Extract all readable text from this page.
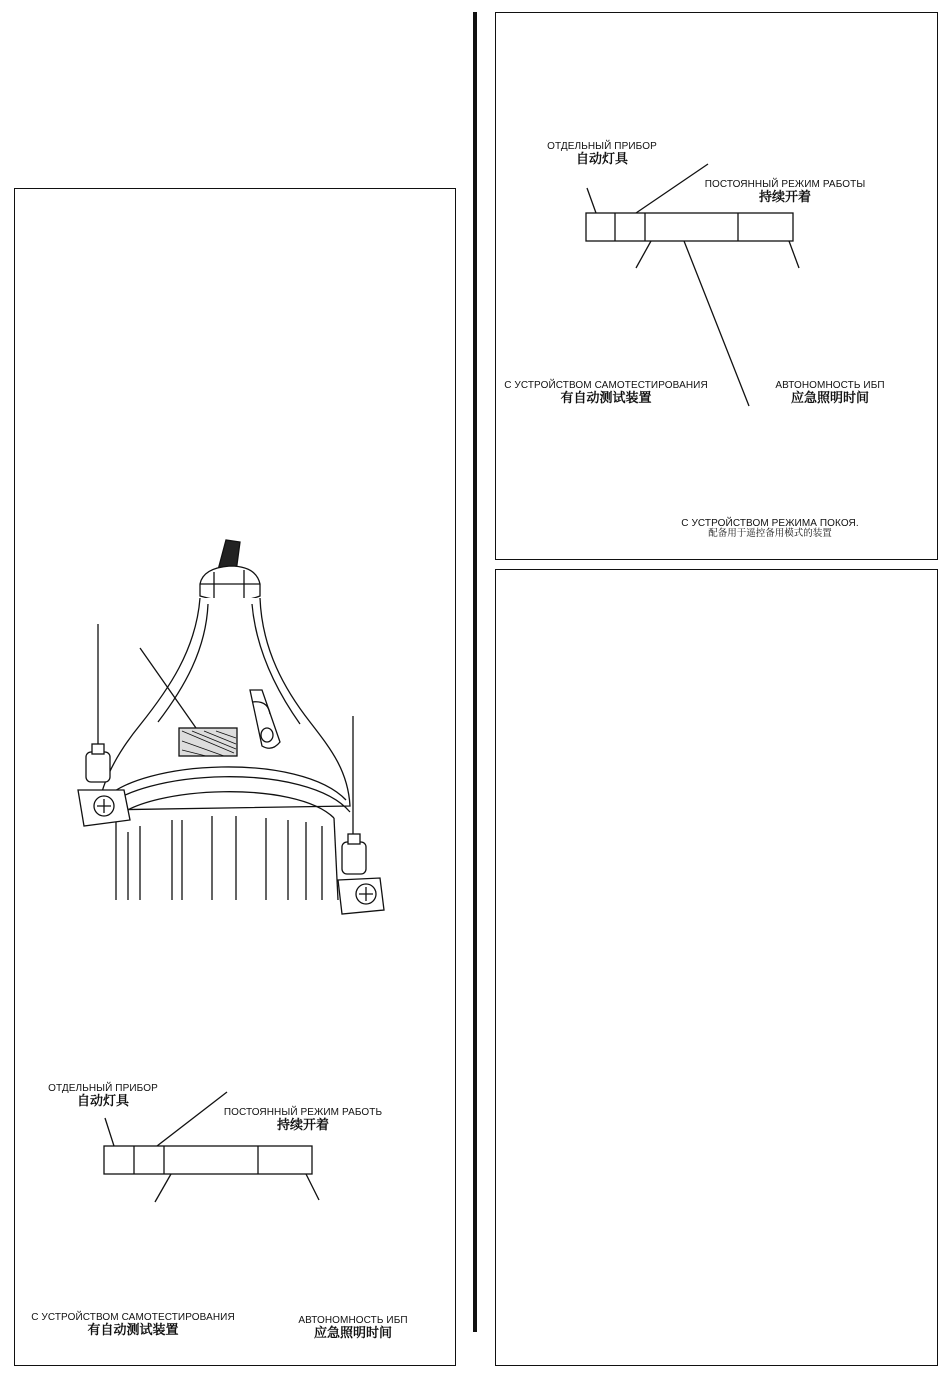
ОТДЕЛЬНЫЙ ПРИБОР
自动灯具
ПОСТОЯННЫЙ РЕЖИМ РАБОТЫ
持续开着
С УСТРОЙСТВОМ САМОТЕСТИРОВАНИЯ
有自动测试装置
АВТОНОМНОСТЬ ИБП
应急照明时间
С УСТРОЙСТВОМ РЕЖИМА ПОКОЯ.
配备用于遥控备用模式的装置
ОТДЕЛЬНЫЙ ПРИБОР
自动灯具
ПОСТОЯННЫЙ РЕЖИМ РАБОТЬ
持续开着
С УСТРОЙСТВОМ САМОТЕСТИРОВАНИЯ
有自动测试装置
АВТОНОМНОСТЬ ИБП
应急照明时间
